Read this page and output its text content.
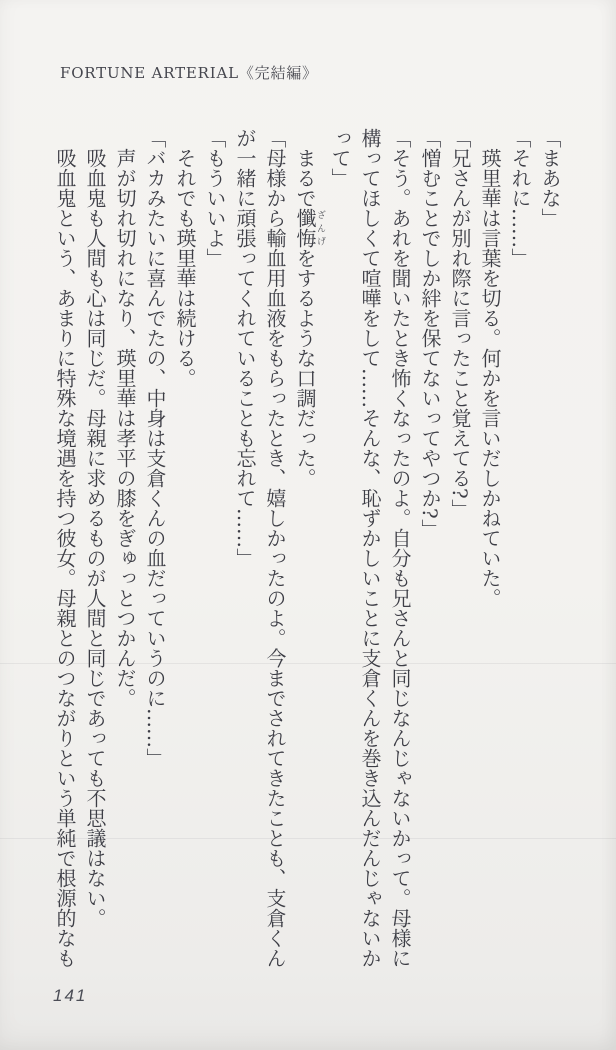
FORTUNE ARTERIAL《完結編》

「まあな」

「それに……」

瑛里華は言葉を切る。何かを言いだしかねていた。

「兄さんが別れ際に言ったこと覚えてる?」

「憎むことでしか絆を保てないってやつか?」

「そう。あれを聞いたとき怖くなったのよ。自分も兄さんと同じなんじゃないかって。母様に構ってほしくて喧嘩をして……そんな、恥ずかしいことに支倉くんを巻き込んだんじゃないかって」

まるで懺悔ざんげをするような口調だった。

「母様から輸血用血液をもらったとき、嬉しかったのよ。今までされてきたことも、支倉くんが一緒に頑張ってくれていることも忘れて……」

「もういいよ」

それでも瑛里華は続ける。

「バカみたいに喜んでたの、中身は支倉くんの血だっていうのに……」

声が切れ切れになり、瑛里華は孝平の膝をぎゅっとつかんだ。

吸血鬼も人間も心は同じだ。母親に求めるものが人間と同じであっても不思議はない。

吸血鬼という、あまりに特殊な境遇を持つ彼女。母親とのつながりという単純で根源的なも

141
